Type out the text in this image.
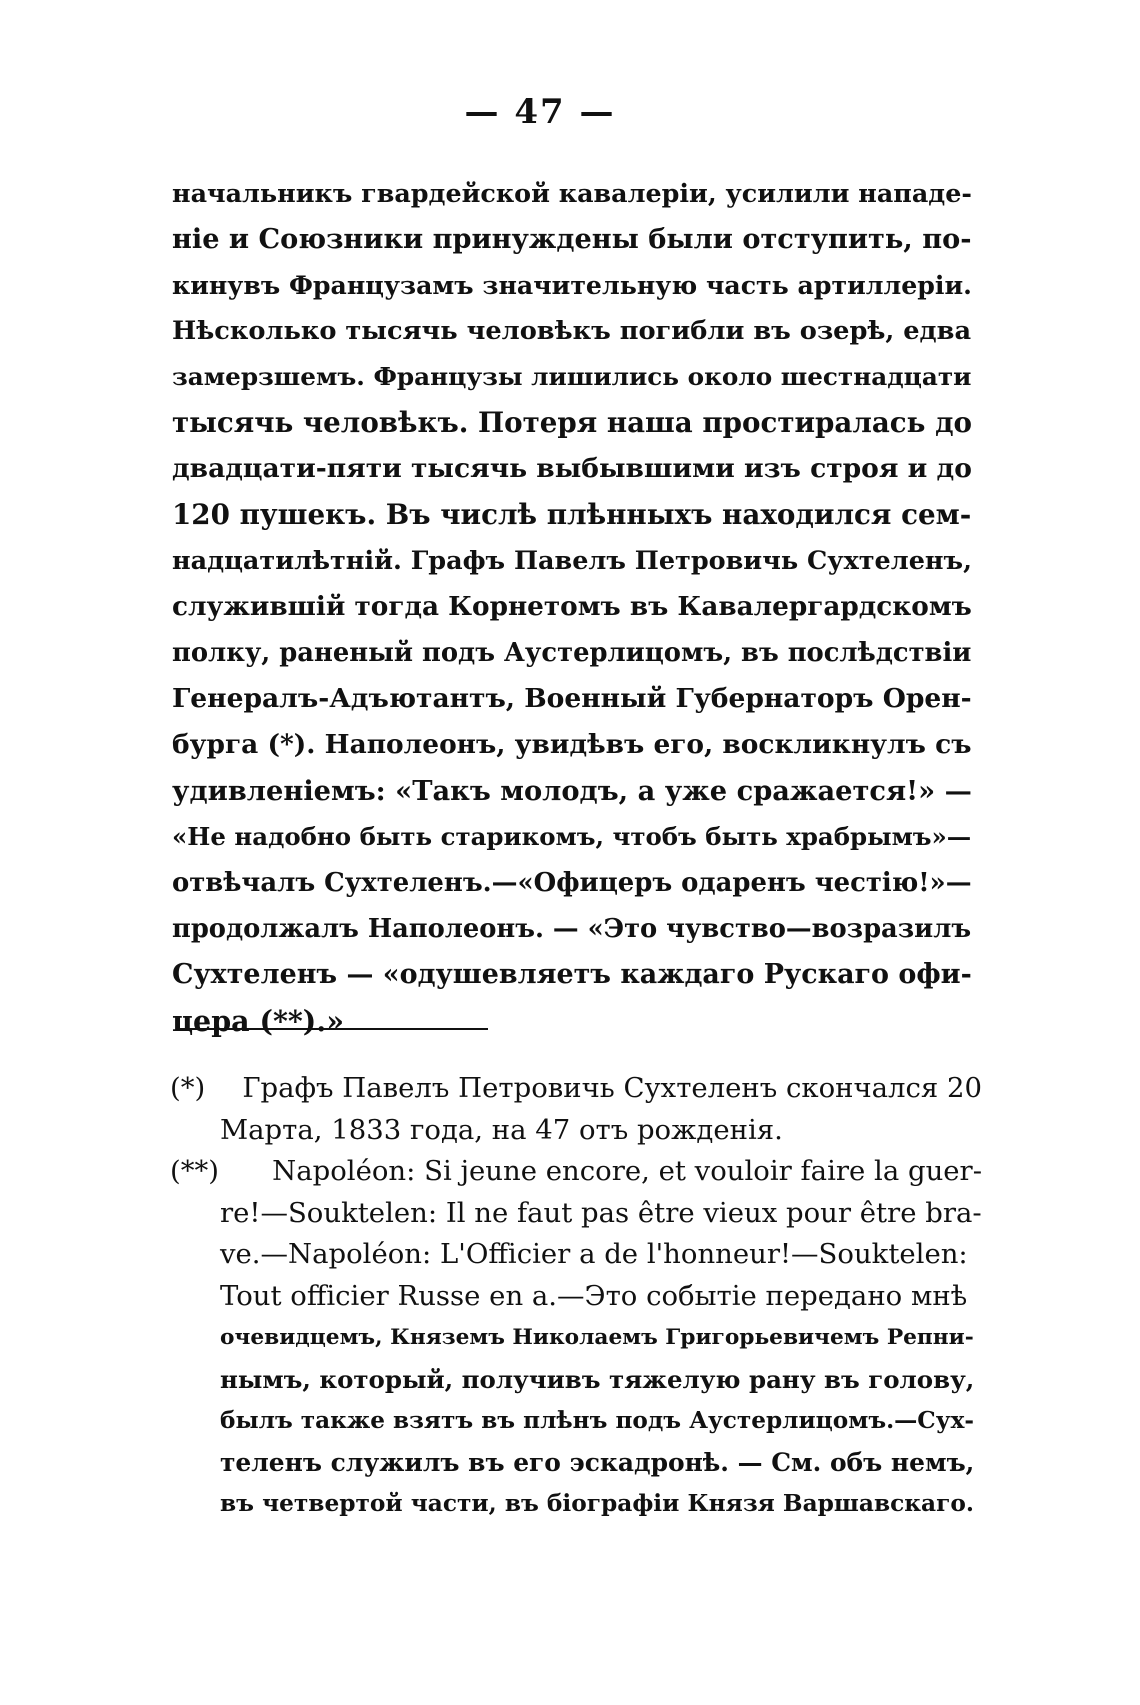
— 47 —
начальникъ гвардейской кавалеріи, усилили нападе-
ніе и Союзники принуждены были отступить, по-
кинувъ Французамъ значительную часть артиллеріи.
Нѣсколько тысячь человѣкъ погибли въ озерѣ, едва
замерзшемъ. Французы лишились около шестнадцати
тысячь человѣкъ. Потеря наша простиралась до
двадцати-пяти тысячь выбывшими изъ строя и до
120 пушекъ. Въ числѣ плѣнныхъ находился сем-
надцатилѣтній. Графъ Павелъ Петровичь Сухтеленъ,
служившій тогда Корнетомъ въ Кавалергардскомъ
полку, раненый подъ Аустерлицомъ, въ послѣдствіи
Генералъ-Адъютантъ, Военный Губернаторъ Орен-
бурга (*). Наполеонъ, увидѣвъ его, воскликнулъ съ
удивленіемъ: «Такъ молодъ, а уже сражается!» —
«Не надобно быть старикомъ, чтобъ быть храбрымъ»—
отвѣчалъ Сухтеленъ.—«Офицеръ одаренъ честію!»—
продолжалъ Наполеонъ. — «Это чувство—возразилъ
Сухтеленъ — «одушевляетъ каждаго Рускаго офи-
цера (**).»
(*) Графъ Павелъ Петровичь Сухтеленъ скончался 20
Марта, 1833 года, на 47 отъ рожденія.
(**) Napoléon: Si jeune encore, et vouloir faire la guer-
re!—Souktelen: Il ne faut pas être vieux pour être bra-
ve.—Napoléon: L'Officier a de l'honneur!—Souktelen:
Tout officier Russe en a.—Это событіе передано мнѣ
очевидцемъ, Княземъ Николаемъ Григорьевичемъ Репни-
нымъ, который, получивъ тяжелую рану въ голову,
былъ также взятъ въ плѣнъ подъ Аустерлицомъ.—Сух-
теленъ служилъ въ его эскадронѣ. — См. объ немъ,
въ четвертой части, въ біографіи Князя Варшавскаго.
